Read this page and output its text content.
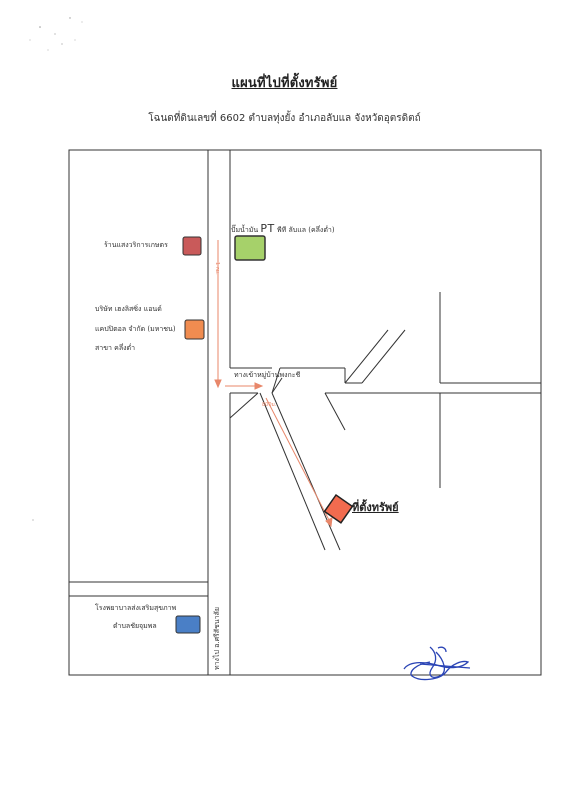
แผนที่ไปที่ตั้งทรัพย์
โฉนดที่ดินเลขที่ 6602 ตำบลทุ่งยั้ง อำเภอลับแล จังหวัดอุตรดิตถ์
ปั๊มน้ำมัน PT พีที ลับแล (คลึ่งต่ำ)
ร้านแสงวริการเกษตร
บริษัท เฮงลิสซิ่ง แอนด์
แคปปิตอล จำกัด (มหาชน)
สาขา คลึ่งต่ำ
ทางเข้าหมู่บ้านพงกะชี
โรงพยาบาลส่งเสริมสุขภาพ
ตำบลชัยจุมพล	ทางไป อ.ศรีสัชนาลัย
1 กม.
800ม.
ที่ตั้งทรัพย์
